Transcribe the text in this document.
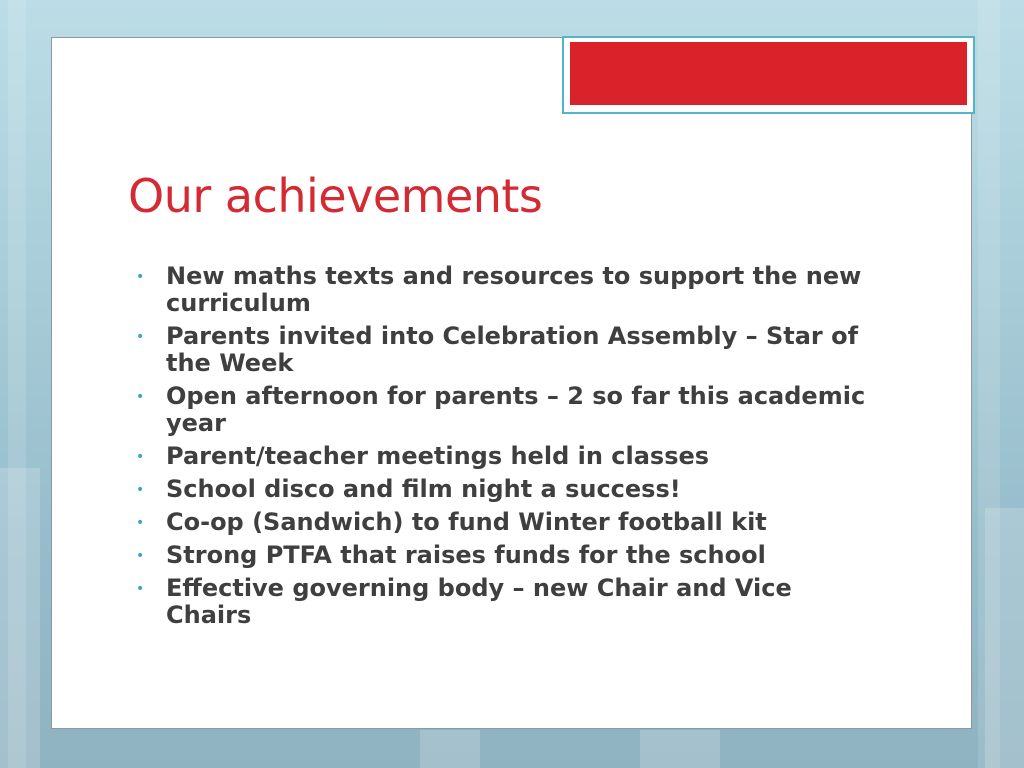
Our achievements
• New maths texts and resources to support the new curriculum
• Parents invited into Celebration Assembly – Star of the Week
• Open afternoon for parents – 2 so far this academic year
• Parent/teacher meetings held in classes
• School disco and film night a success!
• Co-op (Sandwich) to fund Winter football kit
• Strong PTFA that raises funds for the school
• Effective governing body – new Chair and Vice Chairs
